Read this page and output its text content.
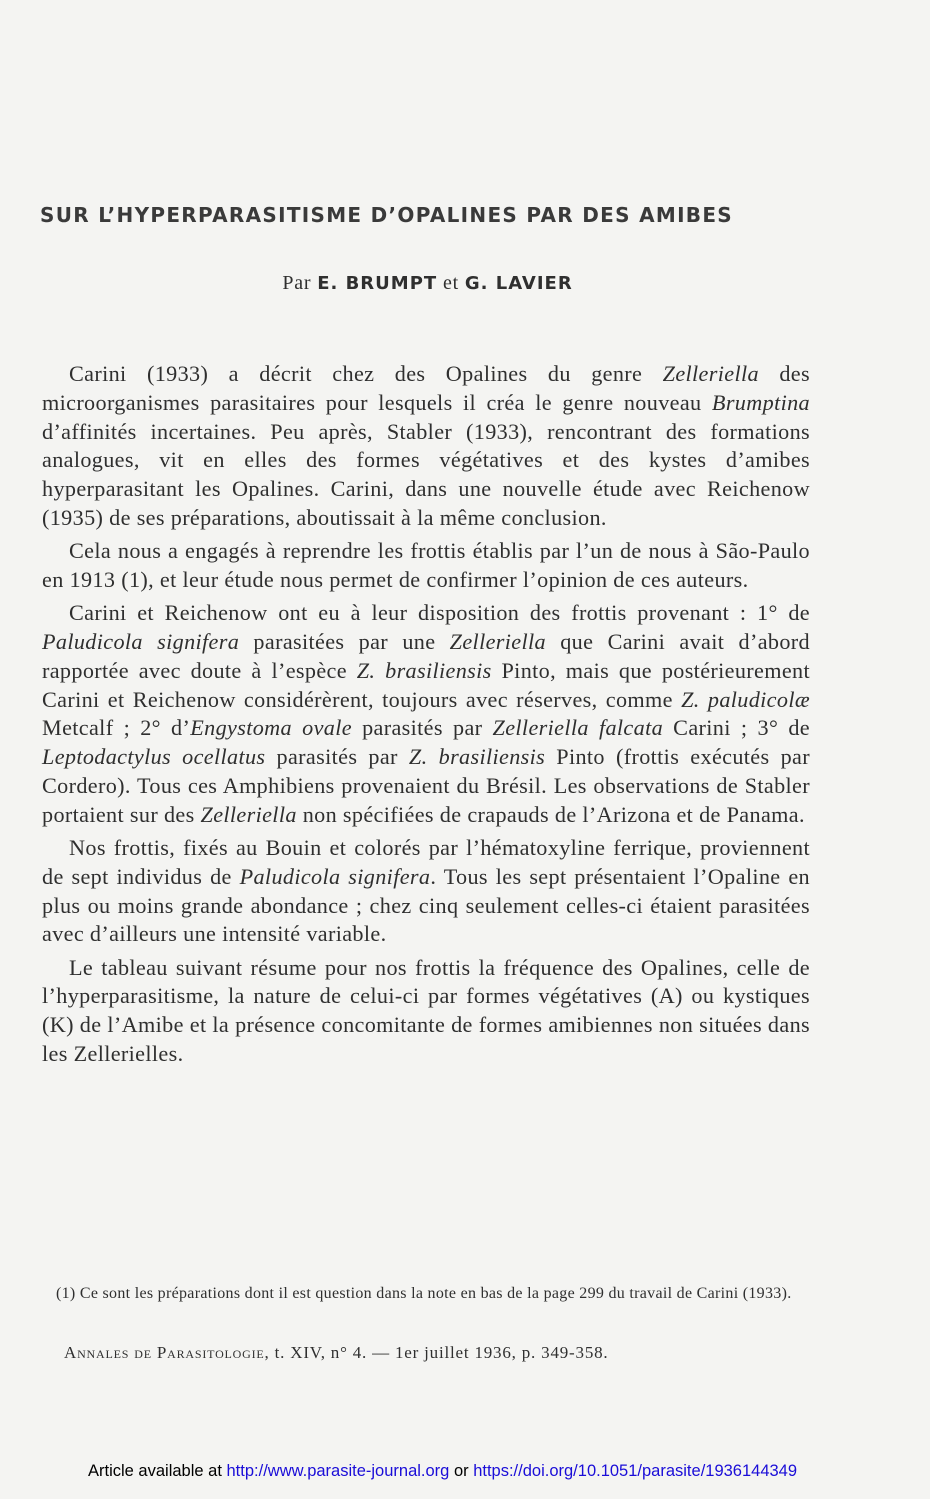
SUR L’HYPERPARASITISME D’OPALINES PAR DES AMIBES
Par E. BRUMPT et G. LAVIER

Carini (1933) a décrit chez des Opalines du genre Zelleriella des microorganismes parasitaires pour lesquels il créa le genre nouveau Brumptina d’affinités incertaines. Peu après, Stabler (1933), rencontrant des formations analogues, vit en elles des formes végétatives et des kystes d’amibes hyperparasitant les Opalines. Carini, dans une nouvelle étude avec Reichenow (1935) de ses préparations, aboutissait à la même conclusion.

Cela nous a engagés à reprendre les frottis établis par l’un de nous à São-Paulo en 1913 (1), et leur étude nous permet de confirmer l’opinion de ces auteurs.

Carini et Reichenow ont eu à leur disposition des frottis provenant : 1° de Paludicola signifera parasitées par une Zelleriella que Carini avait d’abord rapportée avec doute à l’espèce Z. brasiliensis Pinto, mais que postérieurement Carini et Reichenow considérèrent, toujours avec réserves, comme Z. paludicolæ Metcalf ; 2° d’Engystoma ovale parasités par Zelleriella falcata Carini ; 3° de Leptodactylus ocellatus parasités par Z. brasiliensis Pinto (frottis exécutés par Cordero). Tous ces Amphibiens provenaient du Brésil. Les observations de Stabler portaient sur des Zelleriella non spécifiées de crapauds de l’Arizona et de Panama.

Nos frottis, fixés au Bouin et colorés par l’hématoxyline ferrique, proviennent de sept individus de Paludicola signifera. Tous les sept présentaient l’Opaline en plus ou moins grande abondance ; chez cinq seulement celles-ci étaient parasitées avec d’ailleurs une intensité variable.

Le tableau suivant résume pour nos frottis la fréquence des Opalines, celle de l’hyperparasitisme, la nature de celui-ci par formes végétatives (A) ou kystiques (K) de l’Amibe et la présence concomitante de formes amibiennes non situées dans les Zellerielles.

(1) Ce sont les préparations dont il est question dans la note en bas de la page 299 du travail de Carini (1933).
Annales de Parasitologie, t. XIV, n° 4. — 1er juillet 1936, p. 349-358.
Article available at http://www.parasite-journal.org or https://doi.org/10.1051/parasite/1936144349
